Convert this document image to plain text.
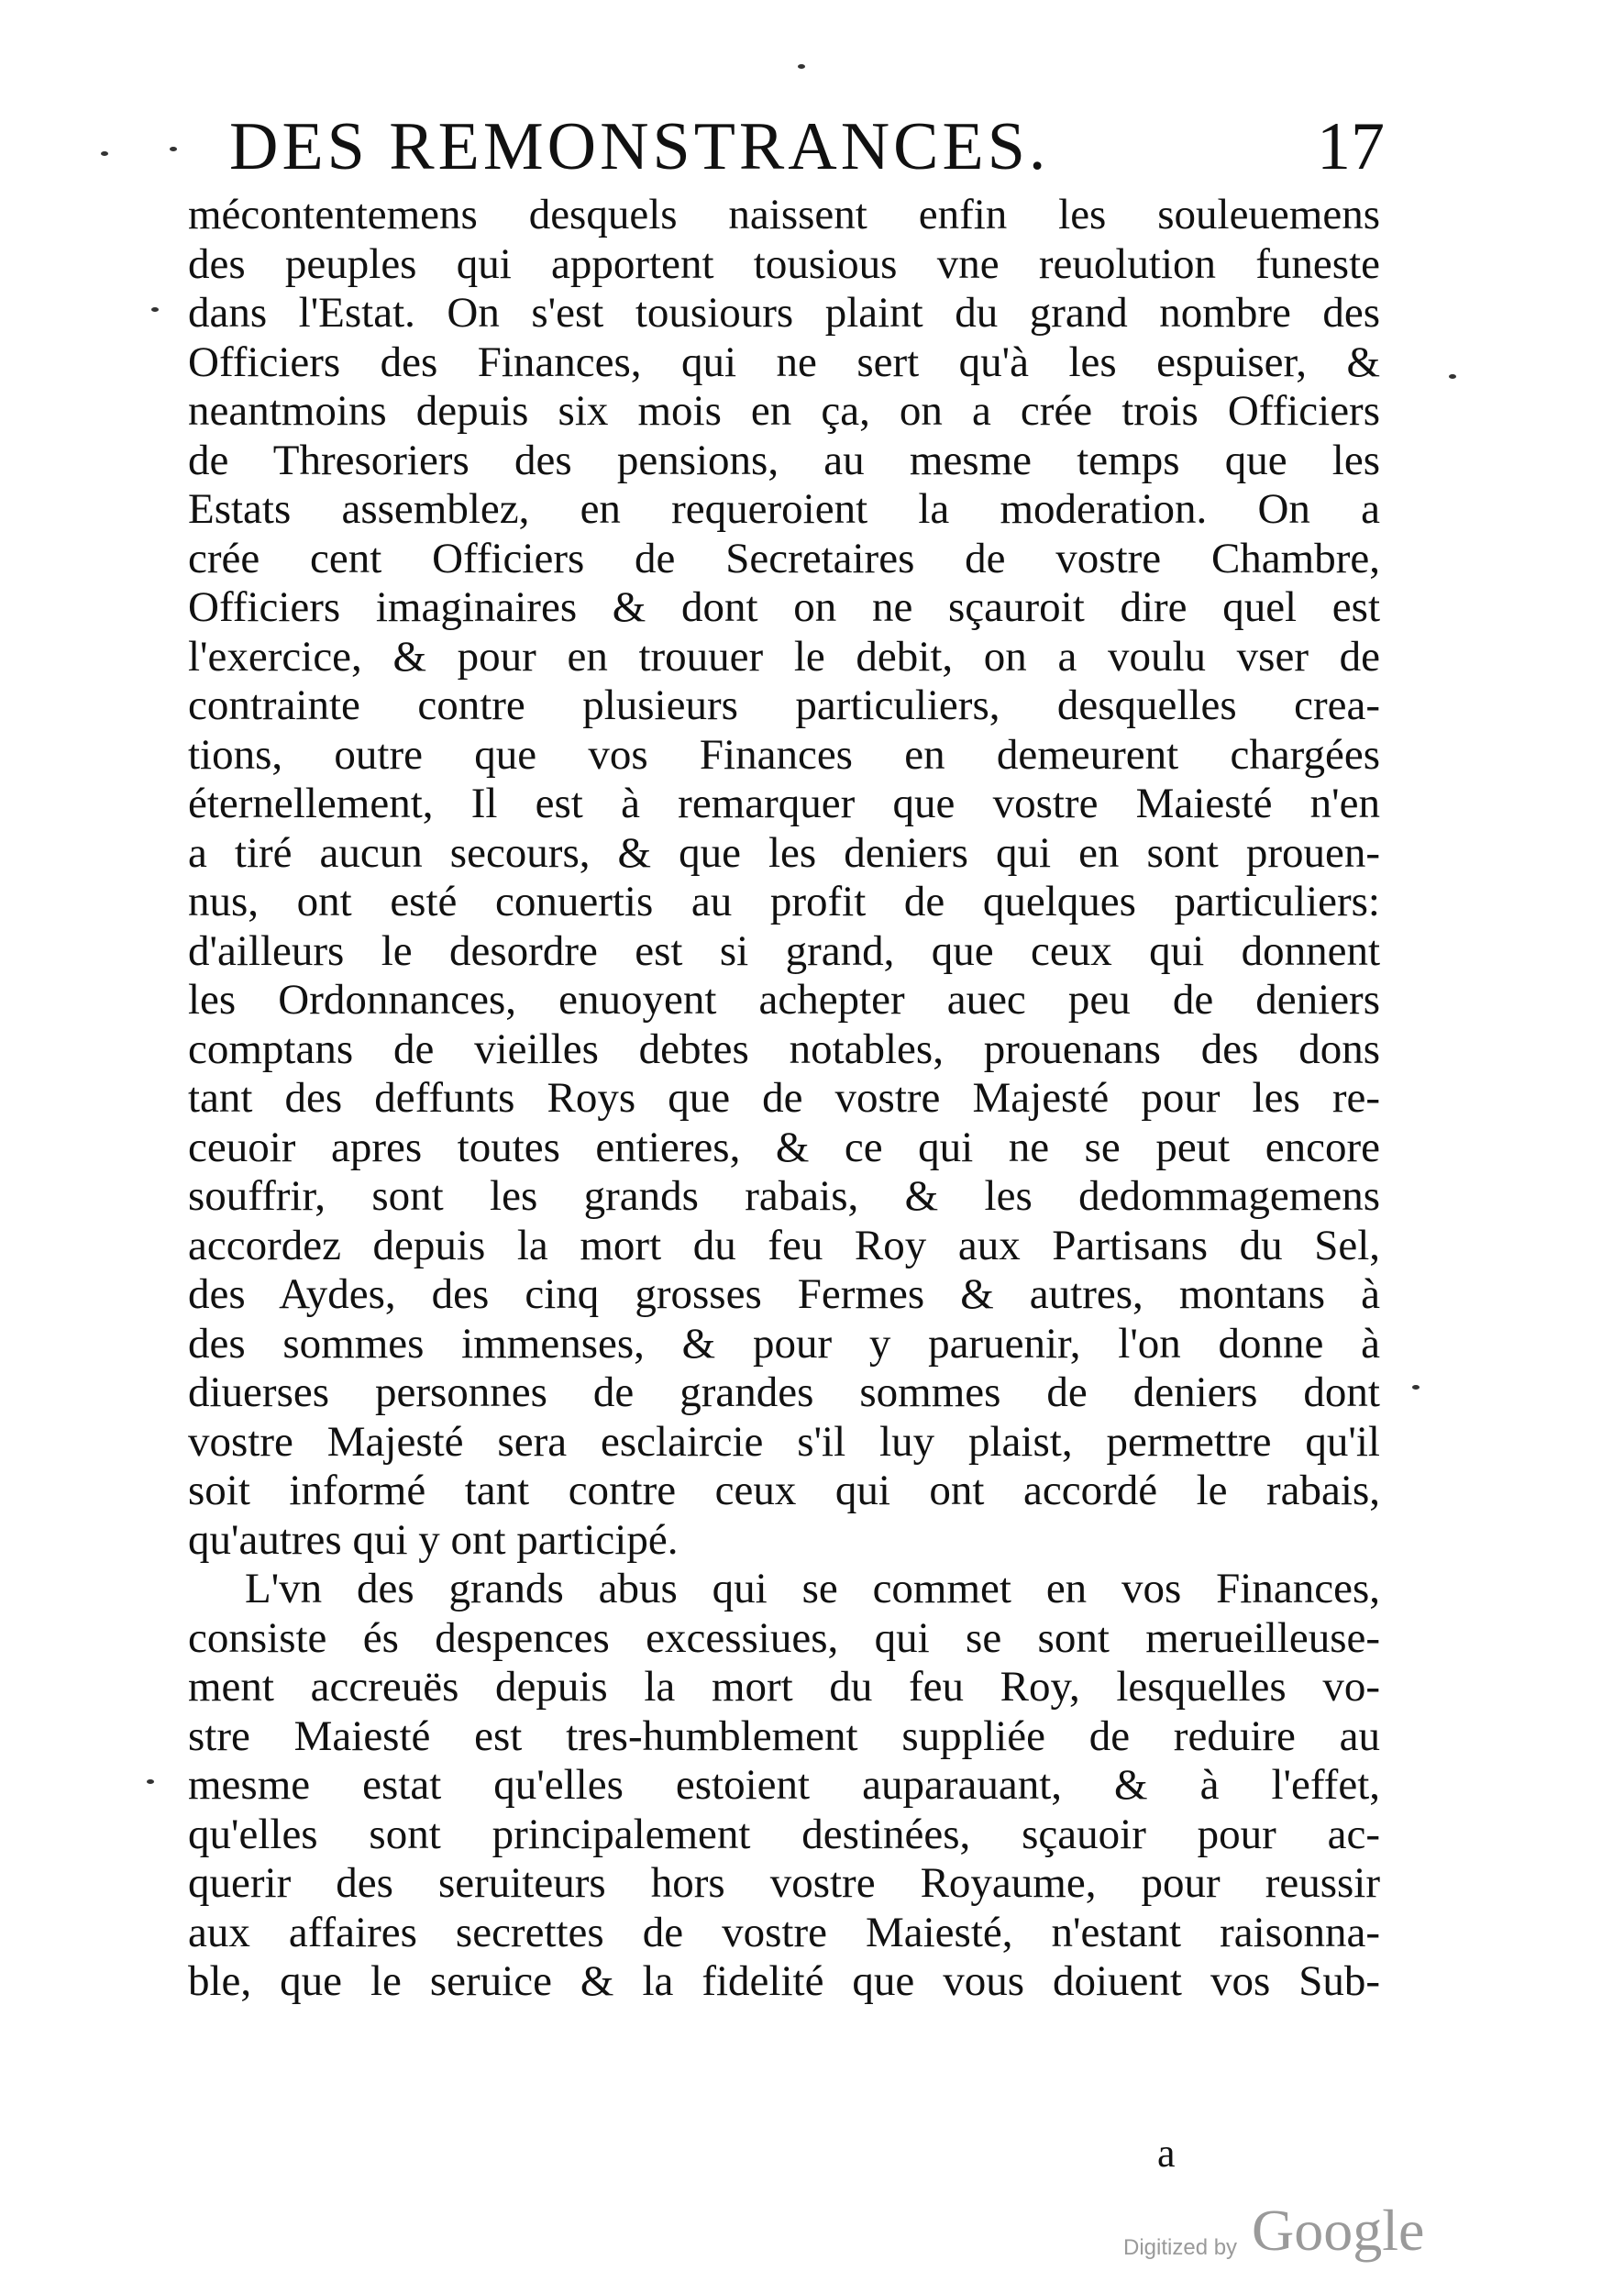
DES REMONSTRANCES.	17
mécontentemens desquels naissent enfin les souleuemens
des peuples qui apportent tousious vne reuolution funeste
dans l'Estat. On s'est tousiours plaint du grand nombre des
Officiers des Finances, qui ne sert qu'à les espuiser, &
neantmoins depuis six mois en ça, on a crée trois Officiers
de Thresoriers des pensions, au mesme temps que les
Estats assemblez, en requeroient la moderation. On a
crée cent Officiers de Secretaires de vostre Chambre,
Officiers imaginaires & dont on ne sçauroit dire quel est
l'exercice, & pour en trouuer le debit, on a voulu vser de
contrainte contre plusieurs particuliers, desquelles crea-
tions, outre que vos Finances en demeurent chargées
éternellement, Il est à remarquer que vostre Maiesté n'en
a tiré aucun secours, & que les deniers qui en sont prouen-
nus, ont esté conuertis au profit de quelques particuliers:
d'ailleurs le desordre est si grand, que ceux qui donnent
les Ordonnances, enuoyent achepter auec peu de deniers
comptans de vieilles debtes notables, prouenans des dons
tant des deffunts Roys que de vostre Majesté pour les re-
ceuoir apres toutes entieres, & ce qui ne se peut encore
souffrir, sont les grands rabais, & les dedommagemens
accordez depuis la mort du feu Roy aux Partisans du Sel,
des Aydes, des cinq grosses Fermes & autres, montans à
des sommes immenses, & pour y paruenir, l'on donne à
diuerses personnes de grandes sommes de deniers dont
vostre Majesté sera esclaircie s'il luy plaist, permettre qu'il
soit informé tant contre ceux qui ont accordé le rabais,
qu'autres qui y ont participé.
L'vn des grands abus qui se commet en vos Finances,
consiste és despences excessiues, qui se sont merueilleuse-
ment accreuës depuis la mort du feu Roy, lesquelles vo-
stre Maiesté est tres-humblement suppliée de reduire au
mesme estat qu'elles estoient auparauant, & à l'effet,
qu'elles sont principalement destinées, sçauoir pour ac-
querir des seruiteurs hors vostre Royaume, pour reussir
aux affaires secrettes de vostre Maiesté, n'estant raisonna-
ble, que le seruice & la fidelité que vous doiuent vos Sub-
a
Digitized by Google
